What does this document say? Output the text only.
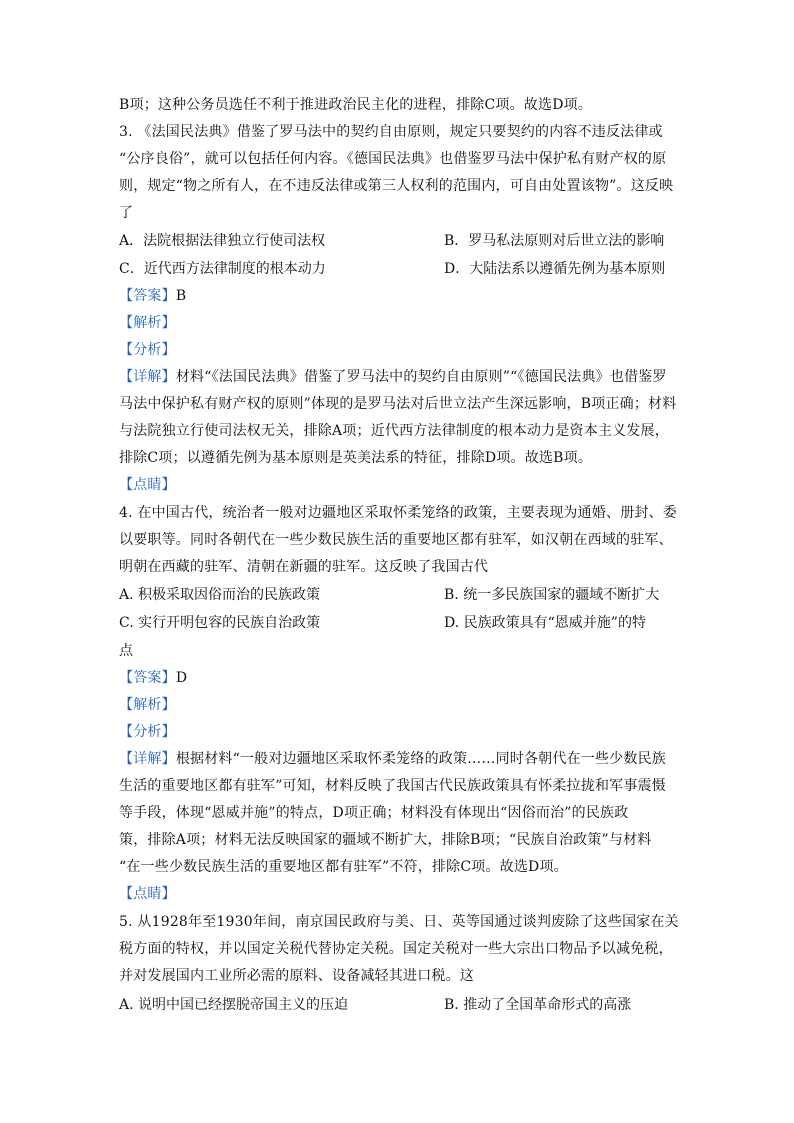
B项；这种公务员选任不利于推进政治民主化的进程，排除C项。故选D项。
3. 《法国民法典》借鉴了罗马法中的契约自由原则，规定只要契约的内容不违反法律或
“公序良俗”，就可以包括任何内容。《德国民法典》也借鉴罗马法中保护私有财产权的原
则，规定“物之所有人，在不违反法律或第三人权利的范围内，可自由处置该物”。这反映
了
A．法院根据法律独立行使司法权	B．罗马私法原则对后世立法的影响
C．近代西方法律制度的根本动力	D．大陆法系以遵循先例为基本原则
【答案】B
【解析】
【分析】
【详解】材料“《法国民法典》借鉴了罗马法中的契约自由原则”“《德国民法典》也借鉴罗
马法中保护私有财产权的原则”体现的是罗马法对后世立法产生深远影响，B项正确；材料
与法院独立行使司法权无关，排除A项；近代西方法律制度的根本动力是资本主义发展，
排除C项；以遵循先例为基本原则是英美法系的特征，排除D项。故选B项。
【点睛】
4. 在中国古代，统治者一般对边疆地区采取怀柔笼络的政策，主要表现为通婚、册封、委
以要职等。同时各朝代在一些少数民族生活的重要地区都有驻军，如汉朝在西域的驻军、
明朝在西藏的驻军、清朝在新疆的驻军。这反映了我国古代
A. 积极采取因俗而治的民族政策	B. 统一多民族国家的疆域不断扩大
C. 实行开明包容的民族自治政策	D. 民族政策具有“恩威并施”的特
点
【答案】D
【解析】
【分析】
【详解】根据材料“一般对边疆地区采取怀柔笼络的政策……同时各朝代在一些少数民族
生活的重要地区都有驻军”可知，材料反映了我国古代民族政策具有怀柔拉拢和军事震慑
等手段，体现“恩威并施”的特点，D项正确；材料没有体现出“因俗而治”的民族政
策，排除A项；材料无法反映国家的疆域不断扩大，排除B项；“民族自治政策”与材料
“在一些少数民族生活的重要地区都有驻军”不符，排除C项。故选D项。
【点睛】
5. 从1928年至1930年间，南京国民政府与美、日、英等国通过谈判废除了这些国家在关
税方面的特权，并以国定关税代替协定关税。国定关税对一些大宗出口物品予以减免税，
并对发展国内工业所必需的原料、设备减轻其进口税。这
A. 说明中国已经摆脱帝国主义的压迫	B. 推动了全国革命形式的高涨
